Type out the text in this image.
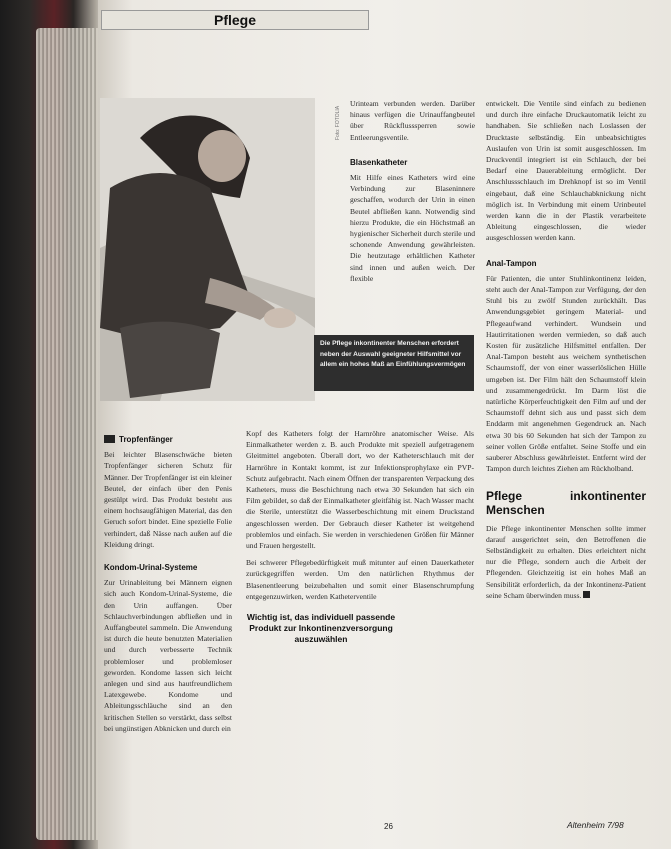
Pflege
Foto: FOTOLIA
Die Pflege inkontinenter Menschen erfordert neben der Auswahl geeigneter Hilfsmittel vor allem ein hohes Maß an Einfühlungsvermögen

Urinteam verbunden werden. Darüber hinaus verfügen die Urinauffangbeutel über Rückflusssperren sowie Entleerungsventile.

Blasenkatheter

Mit Hilfe eines Katheters wird eine Verbindung zur Blaseninnere geschaffen, wodurch der Urin in einen Beutel abfließen kann. Notwendig sind hierzu Produkte, die ein Höchstmaß an hygienischer Sicherheit durch sterile und schonende Anwendung gewährleisten. Die heutzutage erhältlichen Katheter sind innen und außen weich. Der flexible

Tropfenfänger

Bei leichter Blasenschwäche bieten Tropfenfänger sicheren Schutz für Männer. Der Tropfenfänger ist ein kleiner Beutel, der einfach über den Penis gestülpt wird. Das Produkt besteht aus einem hochsaugfähigen Material, das den Geruch sofort bindet. Eine spezielle Folie verhindert, daß Nässe nach außen auf die Kleidung dringt.

Kondom-Urinal-Systeme

Zur Urinableitung bei Männern eignen sich auch Kondom-Urinal-Systeme, die den Urin auffangen. Über Schlauchverbindungen abfließen und in Auffangbeutel sammeln. Die Anwendung ist durch die heute benutzten Materialien und durch verbesserte Technik problemloser und problemloser geworden. Kondome lassen sich leicht anlegen und sind aus hautfreundlichem Latexgewebe. Kondome und Ableitungsschläuche sind an den kritischen Stellen so verstärkt, dass selbst bei ungünstigen Abknicken und durch ein

Kopf des Katheters folgt der Harnröhre anatomischer Weise. Als Einmalkatheter werden z. B. auch Produkte mit speziell aufgetragenem Gleitmittel angeboten. Überall dort, wo der Katheterschlauch mit der Harnröhre in Kontakt kommt, ist zur Infektionsprophylaxe ein PVP-Schutz aufgebracht. Nach einem Öffnen der transparenten Verpackung des Katheters, muss die Beschichtung nach etwa 30 Sekunden hat sich ein Film gebildet, so daß der Einmalkatheter gleitfähig ist. Nach Wasser macht die Sterile, unterstützt die Wasserbeschichtung mit einem Druckstand angeschlossen werden. Der Gebrauch dieser Katheter ist weitgehend problemlos und einfach. Sie werden in verschiedenen Größen für Männer und Frauen hergestellt.

Bei schwerer Pflegebedürftigkeit muß mitunter auf einen Dauerkatheter zurückgegriffen werden. Um den natürlichen Rhythmus der Blasenentleerung beizubehalten und somit einer Blasenschrumpfung entgegenzuwirken, werden Katheterventile

Wichtig ist, das individuell passende Produkt zur Inkontinenzversorgung auszuwählen

entwickelt. Die Ventile sind einfach zu bedienen und durch ihre einfache Druckautomatik leicht zu handhaben. Sie schließen nach Loslassen der Drucktaste selbständig. Ein unbeabsichtigtes Auslaufen von Urin ist somit ausgeschlossen. Im Druckventil integriert ist ein Schlauch, der bei Bedarf eine Dauerableitung ermöglicht. Der Anschlussschlauch im Drehknopf ist so im Ventil eingebaut, daß eine Schlauchabknickung nicht möglich ist. In Verbindung mit einem Urinbeutel werden kann die in der Plastik verarbeitete Ableitung eingeschlossen, die wieder ausgeschlossen werden kann.

Anal-Tampon

Für Patienten, die unter Stuhlinkontinenz leiden, steht auch der Anal-Tampon zur Verfügung, der den Stuhl bis zu zwölf Stunden zurückhält. Das Anwendungsgebiet geringem Material- und Pflegeaufwand verhindert. Wundsein und Hautirritationen werden vermieden, so daß auch Kosten für zusätzliche Hilfsmittel entfallen. Der Anal-Tampon besteht aus weichem synthetischen Schaumstoff, der von einer wasserlöslichen Hülle umgeben ist. Der Film hält den Schaumstoff klein und zusammengedrückt. Im Darm löst die natürliche Körperfeuchtigkeit den Film auf und der Schaumstoff dehnt sich aus und passt sich dem Enddarm mit angenehmen Gegendruck an. Nach etwa 30 bis 60 Sekunden hat sich der Tampon zu seiner vollen Größe entfaltet. Seine Stoffe und ein sauberer Abschluss gewährleistet. Entfernt wird der Tampon durch leichtes Ziehen am Rückholband.

Pflege inkontinenter Menschen

Die Pflege inkontinenter Menschen sollte immer darauf ausgerichtet sein, den Betroffenen die Selbständigkeit zu erhalten. Dies erleichtert nicht nur die Pflege, sondern auch die Arbeit der Pflegenden. Gleichzeitig ist ein hohes Maß an Sensibilität erforderlich, da der Inkontinenz-Patient seine Scham überwinden muss.

26	Altenheim 7/98
